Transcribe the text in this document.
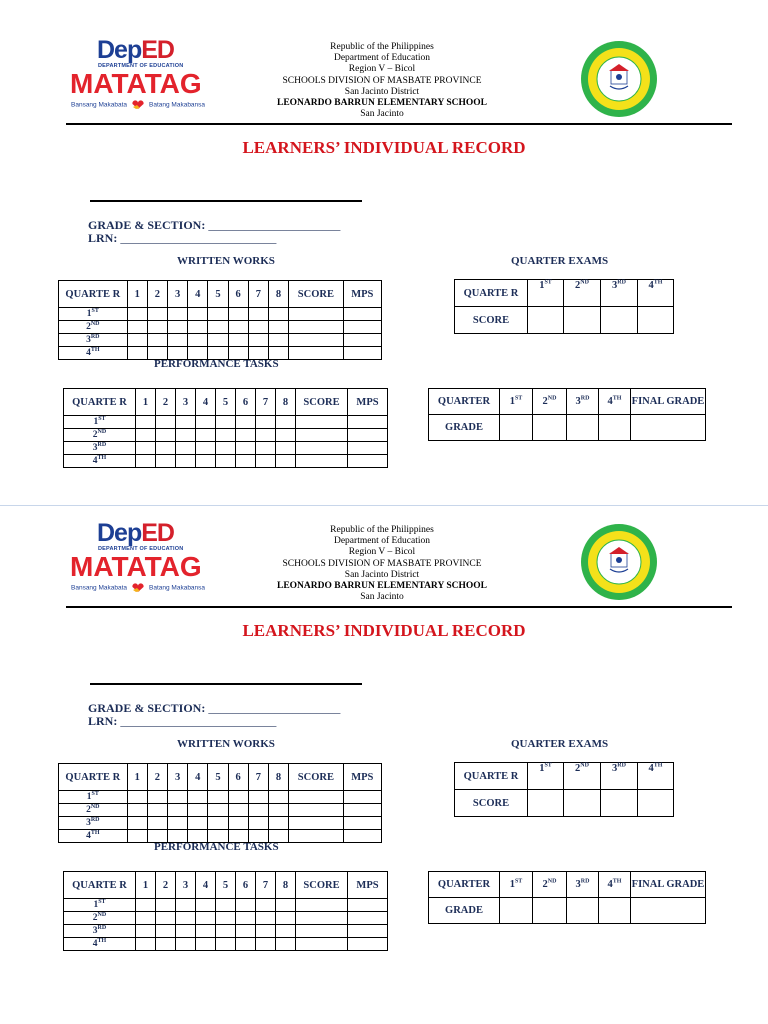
DepED
DEPARTMENT OF EDUCATION
MATATAG
Bansang Makabata	Batang Makabansa
Republic of the Philippines
Department of Education
Region V – Bicol
SCHOOLS DIVISION OF MASBATE PROVINCE
San Jacinto District
LEONARDO BARRUN ELEMENTARY SCHOOL
San Jacinto
LEARNERS’ INDIVIDUAL RECORD
GRADE & SECTION: ______________________
LRN: __________________________
WRITTEN WORKS
QUARTE R	1	2	3	4	5	6	7	8	SCORE	MPS
1ST										
2ND										
3RD										
4TH										
PERFORMANCE TASKS
QUARTE R	1	2	3	4	5	6	7	8	SCORE	MPS
1ST										
2ND										
3RD										
4TH										
QUARTER EXAMS
QUARTE R	1ST	2ND	3RD	4TH
SCORE				
QUARTER	1ST	2ND	3RD	4TH	FINAL GRADE
GRADE					
DepED
DEPARTMENT OF EDUCATION
MATATAG
Bansang Makabata	Batang Makabansa
Republic of the Philippines
Department of Education
Region V – Bicol
SCHOOLS DIVISION OF MASBATE PROVINCE
San Jacinto District
LEONARDO BARRUN ELEMENTARY SCHOOL
San Jacinto
LEARNERS’ INDIVIDUAL RECORD
GRADE & SECTION: ______________________
LRN: __________________________
WRITTEN WORKS
QUARTE R	1	2	3	4	5	6	7	8	SCORE	MPS
1ST										
2ND										
3RD										
4TH										
PERFORMANCE TASKS
QUARTE R	1	2	3	4	5	6	7	8	SCORE	MPS
1ST										
2ND										
3RD										
4TH										
QUARTER EXAMS
QUARTE R	1ST	2ND	3RD	4TH
SCORE				
QUARTER	1ST	2ND	3RD	4TH	FINAL GRADE
GRADE					
